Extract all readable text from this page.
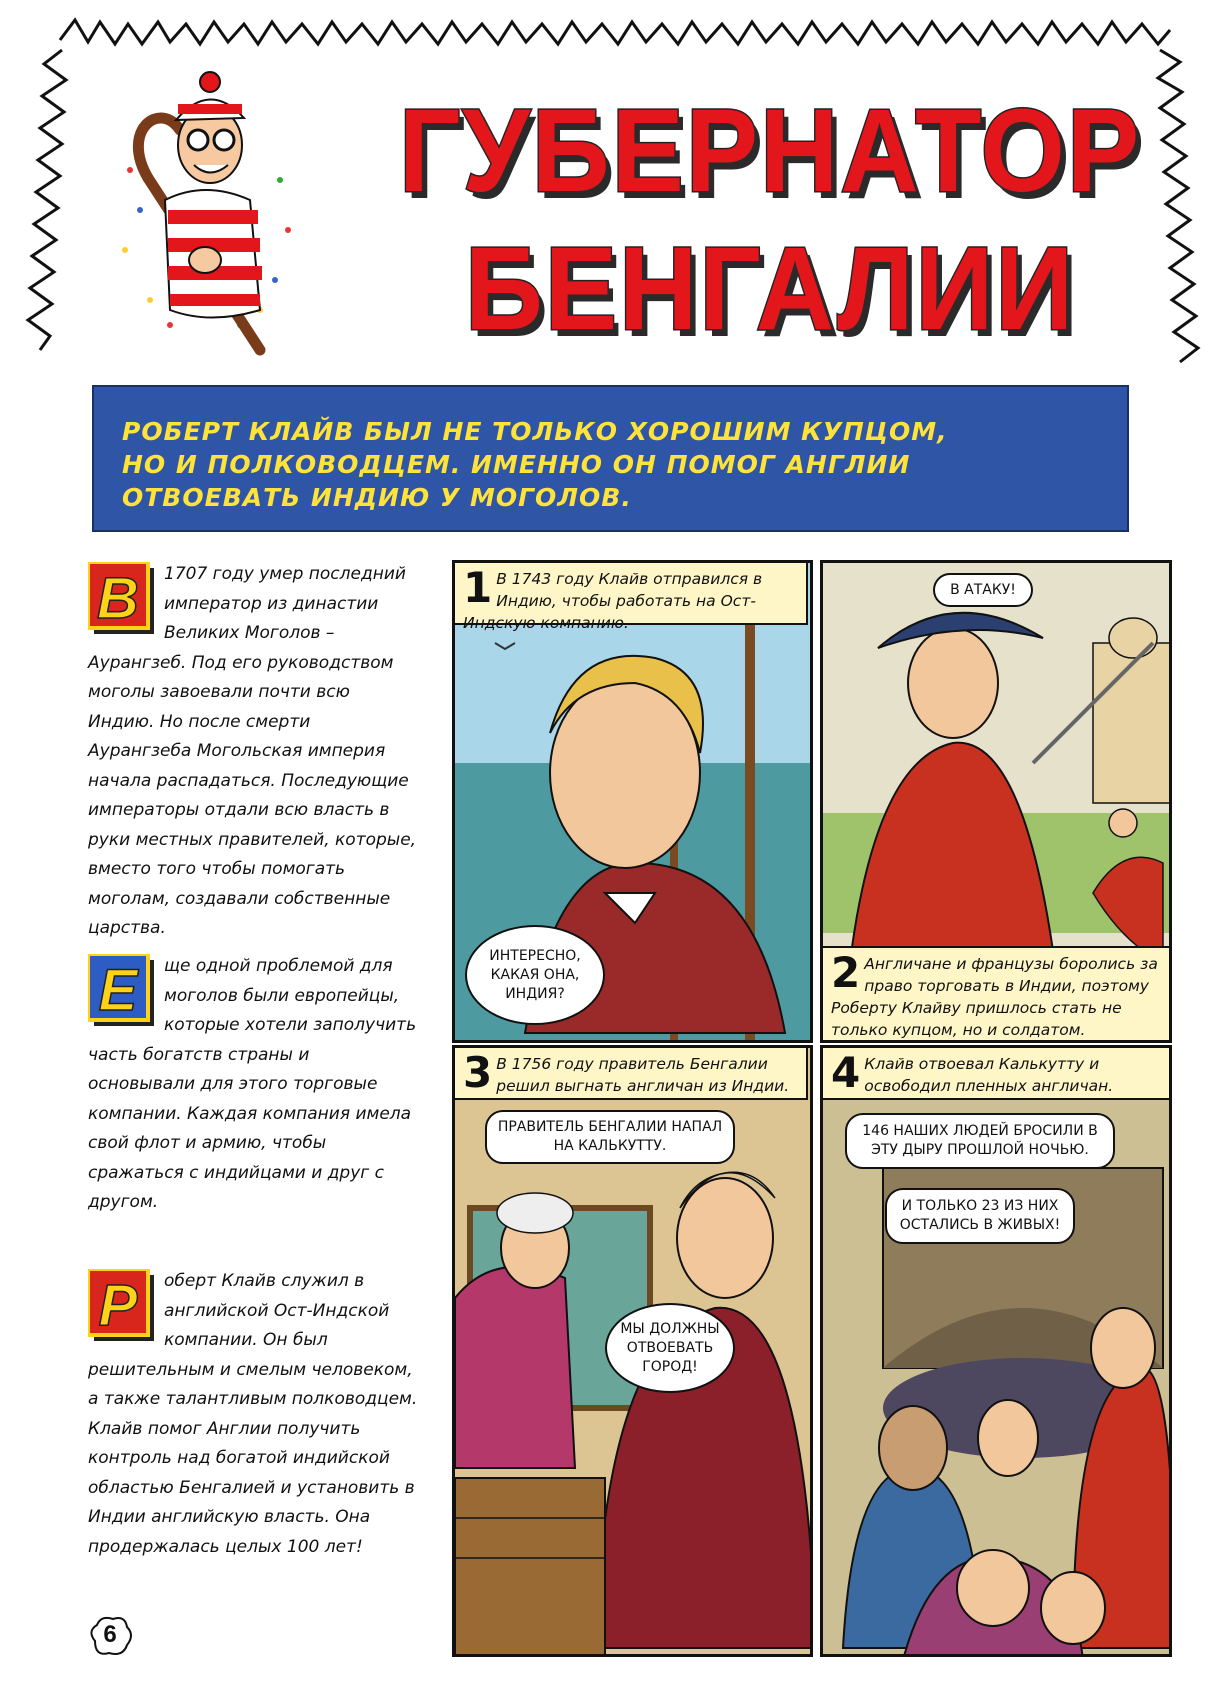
ГУБЕРНАТОР
БЕНГАЛИИ

РОБЕРТ КЛАЙВ БЫЛ НЕ ТОЛЬКО ХОРОШИМ КУПЦОМ,
НО И ПОЛКОВОДЦЕМ. ИМЕННО ОН ПОМОГ АНГЛИИ
ОТВОЕВАТЬ ИНДИЮ У МОГОЛОВ.

В	1707 году умер последний император из династии Великих Моголов – Аурангзеб. Под его руководством моголы завоевали почти всю Индию. Но после смерти Аурангзеба Могольская империя начала распадаться. Последующие императоры отдали всю власть в руки местных правителей, которые, вместо того чтобы помогать моголам, создавали собственные царства.

Е	ще одной проблемой для моголов были европейцы, которые хотели заполучить часть богатств страны и основывали для этого торговые компании. Каждая компания имела свой флот и армию, чтобы сражаться с индийцами и друг с другом.

Р	оберт Клайв служил в английской Ост-Индской компании. Он был решительным и смелым человеком, а также талантливым полководцем. Клайв помог Англии получить контроль над богатой индийской областью Бенгалией и установить в Индии английскую власть. Она продержалась целых 100 лет!

1 В 1743 году Клайв отправился в Индию, чтобы работать на Ост-Индскую компанию.
ИНТЕРЕСНО, КАКАЯ ОНА, ИНДИЯ?
В АТАКУ!
2 Англичане и французы боролись за право торговать в Индии, поэтому Роберту Клайву пришлось стать не только купцом, но и солдатом.
3 В 1756 году правитель Бенгалии решил выгнать англичан из Индии.
ПРАВИТЕЛЬ БЕНГАЛИИ НАПАЛ НА КАЛЬКУТТУ.
МЫ ДОЛЖНЫ ОТВОЕВАТЬ ГОРОД!
4 Клайв отвоевал Калькутту и освободил пленных англичан.
146 НАШИХ ЛЮДЕЙ БРОСИЛИ В ЭТУ ДЫРУ ПРОШЛОЙ НОЧЬЮ.
И ТОЛЬКО 23 ИЗ НИХ ОСТАЛИСЬ В ЖИВЫХ!
6
